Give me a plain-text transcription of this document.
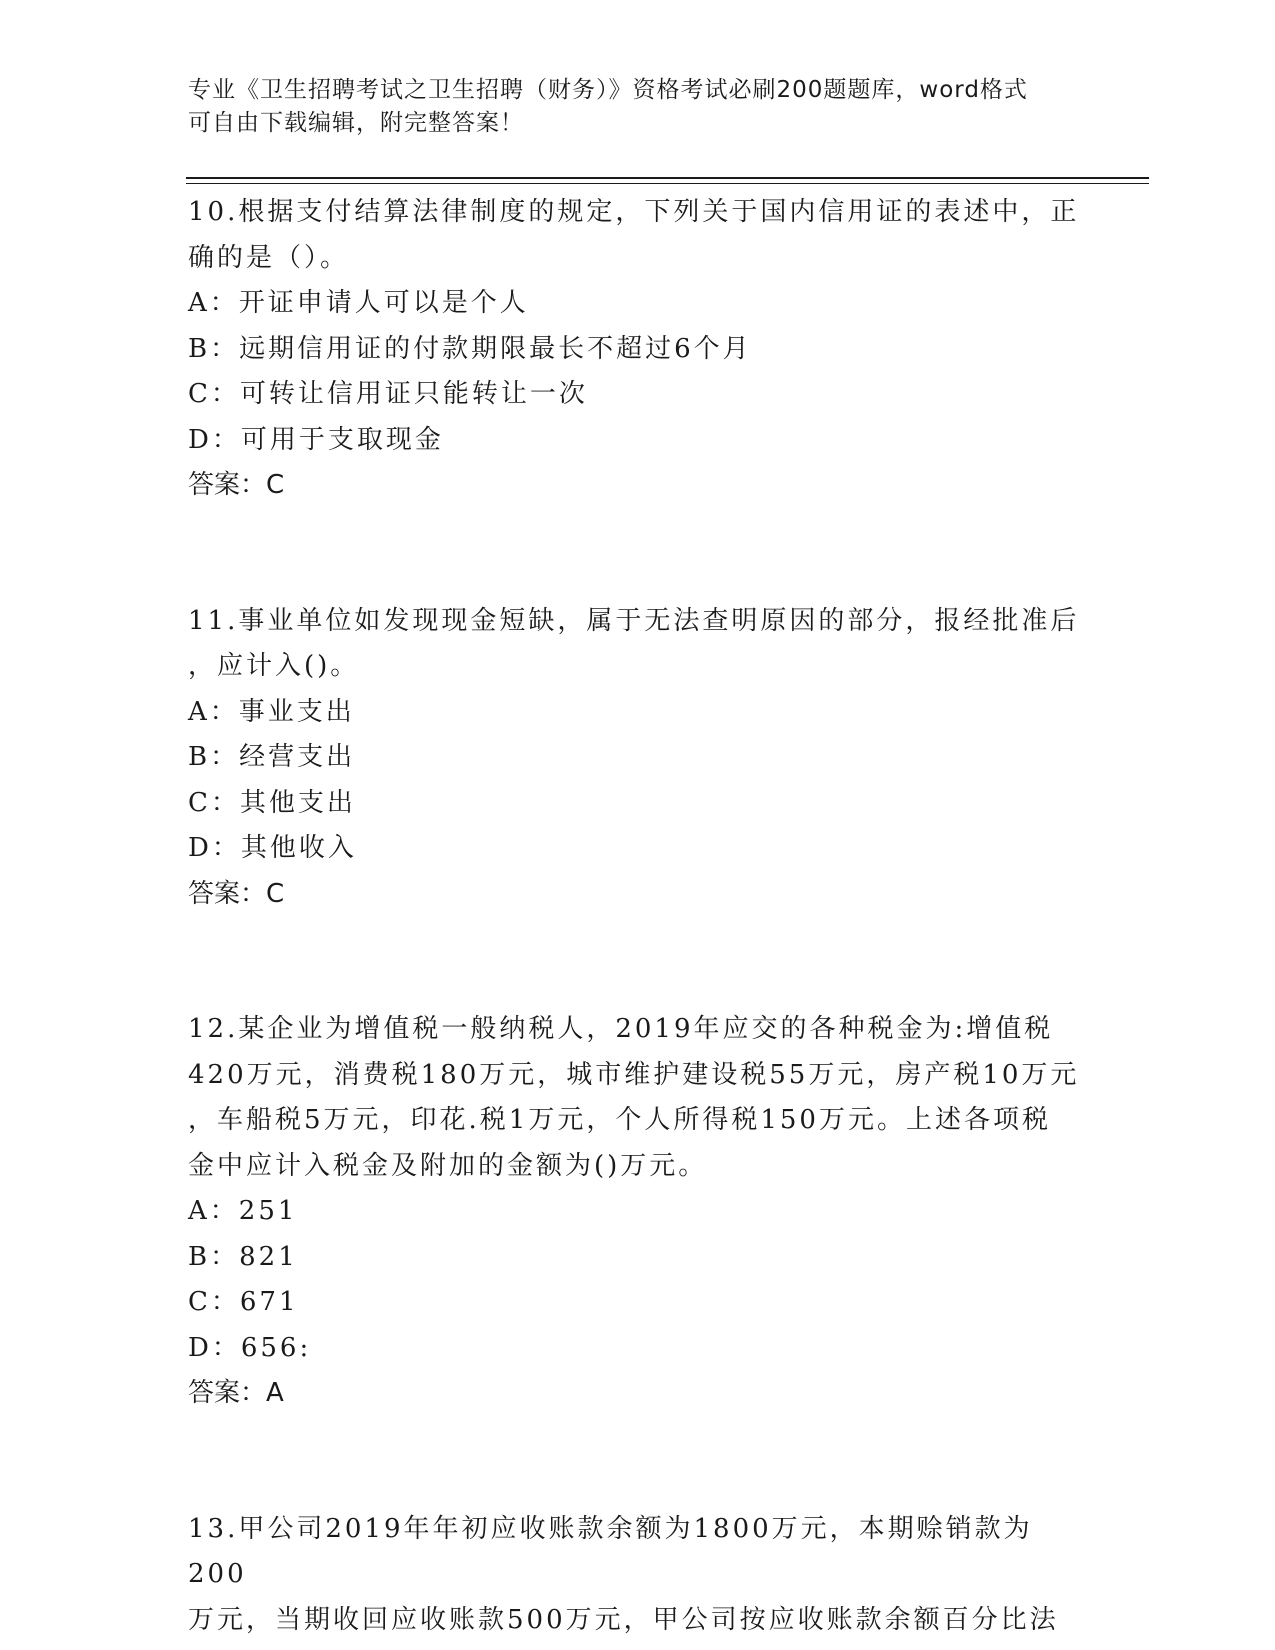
专业《卫生招聘考试之卫生招聘（财务）》资格考试必刷200题题库，word格式
可自由下载编辑，附完整答案！

10.根据支付结算法律制度的规定，下列关于国内信用证的表述中，正

确的是（）。

A：开证申请人可以是个人

B：远期信用证的付款期限最长不超过6个月

C：可转让信用证只能转让一次

D：可用于支取现金

答案：C

11.事业单位如发现现金短缺，属于无法查明原因的部分，报经批准后

，应计入()。

A：事业支出

B：经营支出

C：其他支出

D：其他收入

答案：C

12.某企业为增值税一般纳税人，2019年应交的各种税金为:增值税

420万元，消费税180万元，城市维护建设税55万元，房产税10万元

，车船税5万元，印花.税1万元，个人所得税150万元。上述各项税

金中应计入税金及附加的金额为()万元。

A：251

B：821

C：671

D：656:

答案：A

13.甲公司2019年年初应收账款余额为1800万元，本期赊销款为200

万元，当期收回应收账款500万元，甲公司按应收账款余额百分比法
